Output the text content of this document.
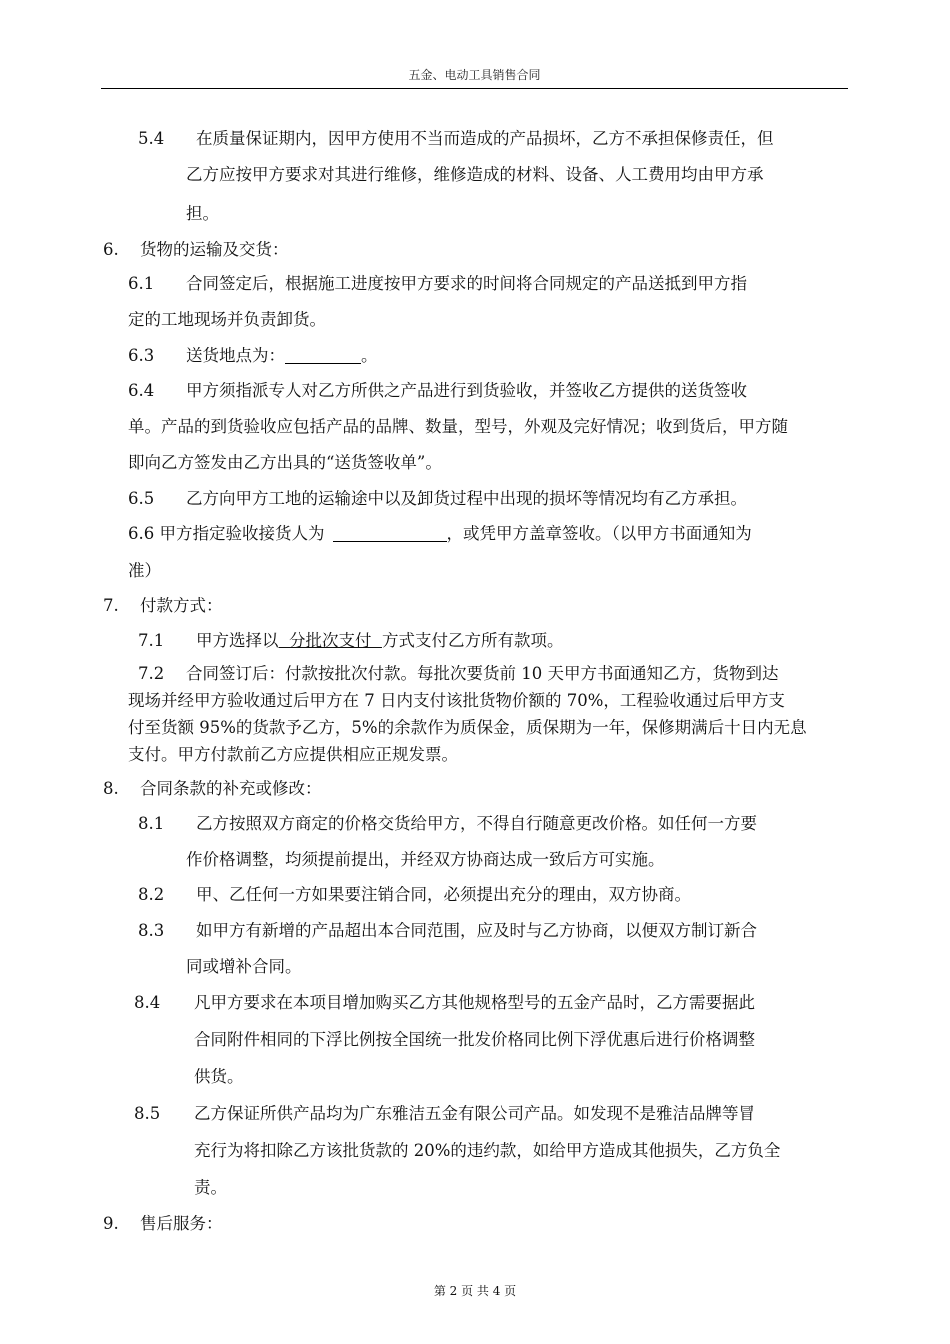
五金、电动工具销售合同
5.4 在质量保证期内，因甲方使用不当而造成的产品损坏，乙方不承担保修责任，但
乙方应按甲方要求对其进行维修，维修造成的材料、设备、人工费用均由甲方承
担。
6. 货物的运输及交货：
6.1 合同签定后，根据施工进度按甲方要求的时间将合同规定的产品送抵到甲方指
定的工地现场并负责卸货。
6.3 送货地点为：	。
6.4 甲方须指派专人对乙方所供之产品进行到货验收，并签收乙方提供的送货签收
单。产品的到货验收应包括产品的品牌、数量，型号，外观及完好情况；收到货后，甲方随
即向乙方签发由乙方出具的“送货签收单”。
6.5 乙方向甲方工地的运输途中以及卸货过程中出现的损坏等情况均有乙方承担。
6.6 甲方指定验收接货人为	，或凭甲方盖章签收。（以甲方书面通知为
准）
7. 付款方式：
7.1 甲方选择以  分批次支付  方式支付乙方所有款项。
7.2 合同签订后：付款按批次付款。每批次要货前 10 天甲方书面通知乙方，货物到达
现场并经甲方验收通过后甲方在 7 日内支付该批货物价额的 70%，工程验收通过后甲方支
付至货额 95%的货款予乙方，5%的余款作为质保金，质保期为一年，保修期满后十日内无息
支付。甲方付款前乙方应提供相应正规发票。
8. 合同条款的补充或修改：
8.1 乙方按照双方商定的价格交货给甲方，不得自行随意更改价格。如任何一方要
作价格调整，均须提前提出，并经双方协商达成一致后方可实施。
8.2 甲、乙任何一方如果要注销合同，必须提出充分的理由，双方协商。
8.3 如甲方有新增的产品超出本合同范围，应及时与乙方协商，以便双方制订新合
同或增补合同。
8.4 凡甲方要求在本项目增加购买乙方其他规格型号的五金产品时，乙方需要据此
合同附件相同的下浮比例按全国统一批发价格同比例下浮优惠后进行价格调整
供货。
8.5 乙方保证所供产品均为广东雅洁五金有限公司产品。如发现不是雅洁品牌等冒
充行为将扣除乙方该批货款的 20%的违约款，如给甲方造成其他损失，乙方负全
责。
9. 售后服务：
第 2 页 共 4 页
